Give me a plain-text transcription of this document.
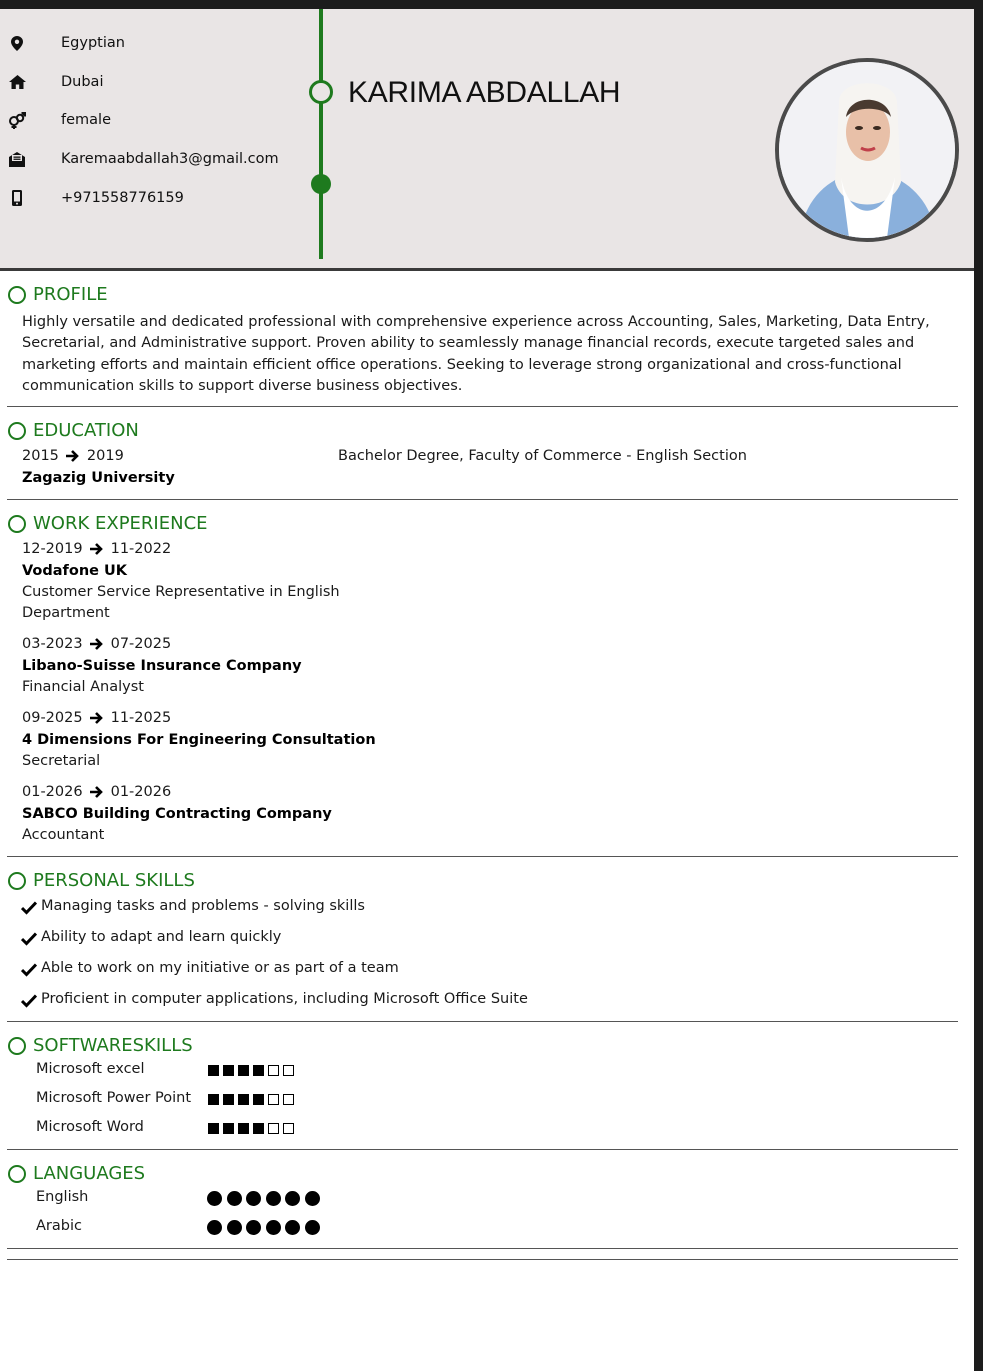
Egyptian
Dubai
female
Karemaabdallah3@gmail.com
+971558776159
KARIMA ABDALLAH
PROFILE
Highly versatile and dedicated professional with comprehensive experience across Accounting, Sales, Marketing, Data Entry, Secretarial, and Administrative support. Proven ability to seamlessly manage financial records, execute targeted sales and marketing efforts and maintain efficient office operations. Seeking to leverage strong organizational and cross-functional communication skills to support diverse business objectives.
EDUCATION
2015 2019
Zagazig University
Bachelor Degree, Faculty of Commerce - English Section
WORK EXPERIENCE
12-2019 11-2022
Vodafone UK
Customer Service Representative in English
Department
03-2023 07-2025
Libano-Suisse Insurance Company
Financial Analyst
09-2025 11-2025
4 Dimensions For Engineering Consultation
Secretarial
01-2026 01-2026
SABCO Building Contracting Company
Accountant
PERSONAL SKILLS
Managing tasks and problems - solving skills
Ability to adapt and learn quickly
Able to work on my initiative or as part of a team
Proficient in computer applications, including Microsoft Office Suite
SOFTWARESKILLS
Microsoft excel
Microsoft Power Point
Microsoft Word
LANGUAGES
English
Arabic
